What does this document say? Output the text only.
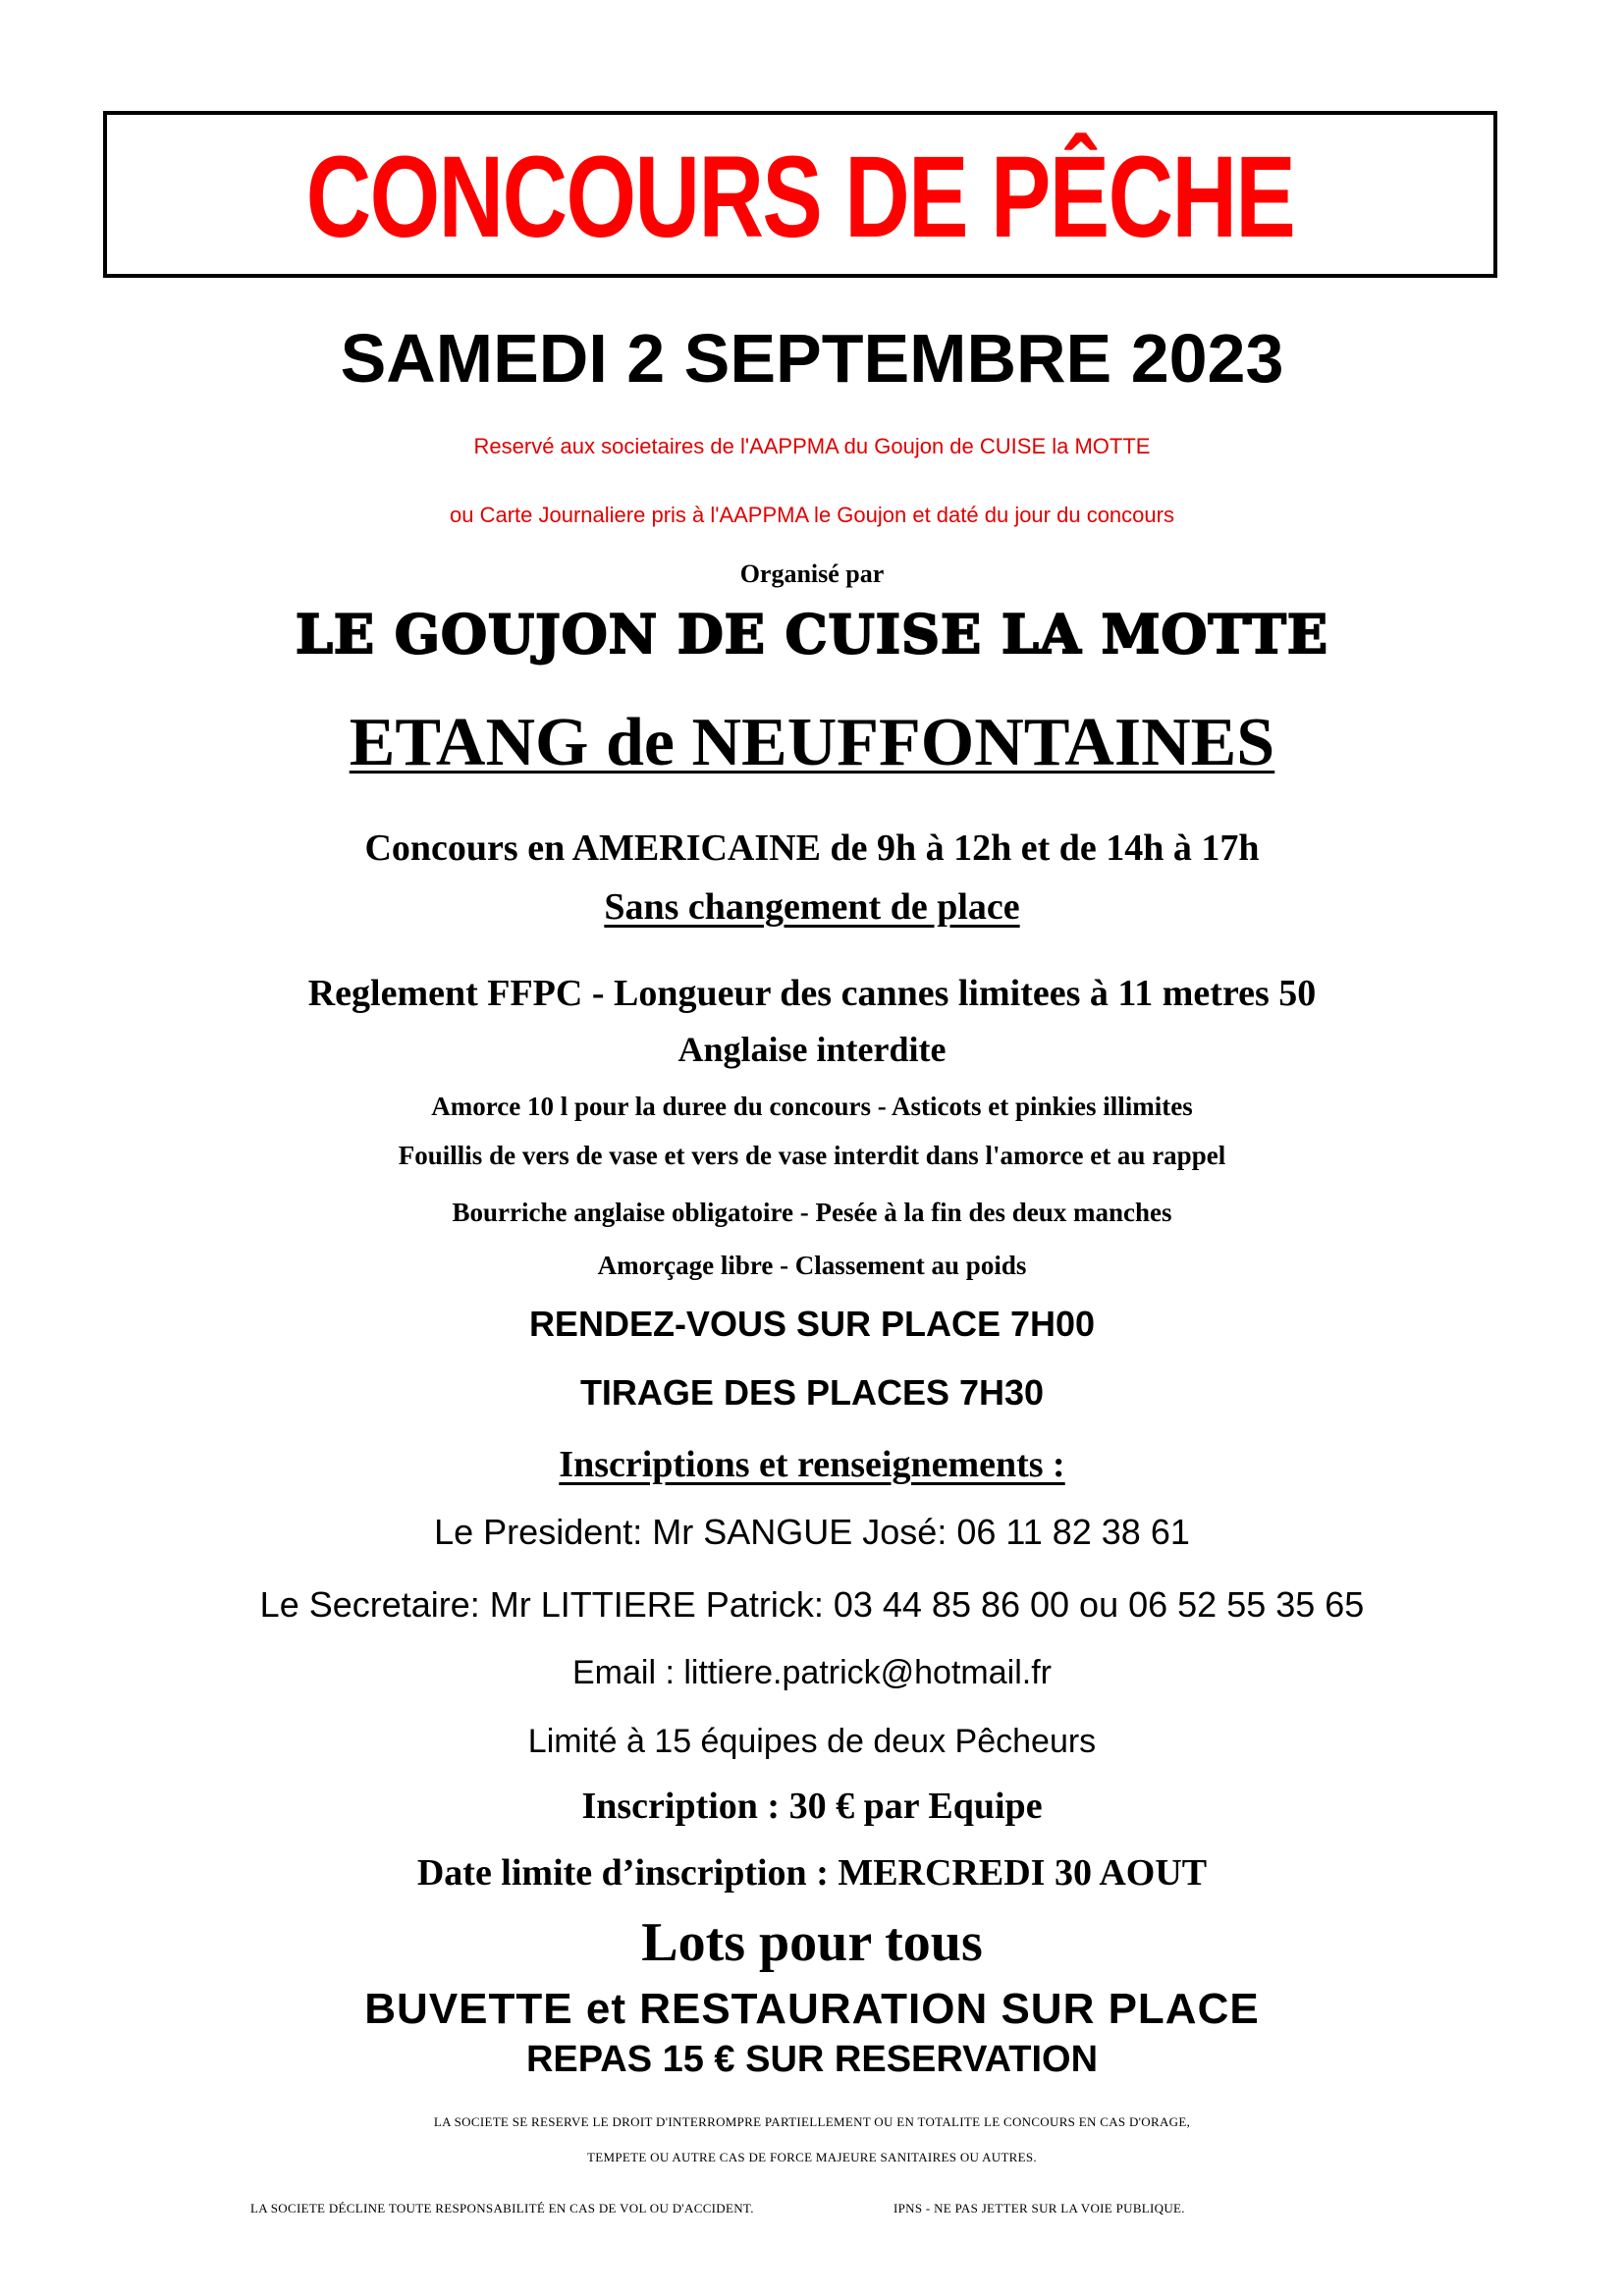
CONCOURS DE PÊCHE
SAMEDI 2 SEPTEMBRE 2023
Reservé aux societaires de l'AAPPMA du Goujon de CUISE la MOTTE
ou Carte Journaliere pris à l'AAPPMA le Goujon et daté du jour du concours
Organisé par
LE GOUJON DE CUISE LA MOTTE
ETANG de NEUFFONTAINES
Concours en AMERICAINE de 9h à 12h et de 14h à 17h
Sans changement de place
Reglement FFPC - Longueur des cannes limitees à 11 metres 50
Anglaise interdite
Amorce 10 l pour la duree du concours - Asticots et pinkies illimites
Fouillis de vers de vase et vers de vase interdit dans l'amorce et au rappel
Bourriche anglaise obligatoire - Pesée à la fin des deux manches
Amorçage libre - Classement au poids
RENDEZ-VOUS SUR PLACE 7H00
TIRAGE DES PLACES 7H30
Inscriptions et renseignements :
Le President: Mr SANGUE José: 06 11 82 38 61
Le Secretaire: Mr LITTIERE Patrick: 03 44 85 86 00 ou 06 52 55 35 65
Email : littiere.patrick@hotmail.fr
Limité à 15 équipes de deux Pêcheurs
Inscription : 30 € par Equipe
Date limite d’inscription : MERCREDI 30 AOUT
Lots pour tous
BUVETTE et RESTAURATION SUR PLACE
REPAS 15 € SUR RESERVATION
LA SOCIETE SE RESERVE LE DROIT D'INTERROMPRE PARTIELLEMENT OU EN TOTALITE LE CONCOURS EN CAS D'ORAGE,
TEMPETE OU AUTRE CAS DE FORCE MAJEURE SANITAIRES OU AUTRES.
LA SOCIETE DÉCLINE TOUTE RESPONSABILITÉ EN CAS DE VOL OU D'ACCIDENT.	IPNS - NE PAS JETTER SUR LA VOIE PUBLIQUE.
